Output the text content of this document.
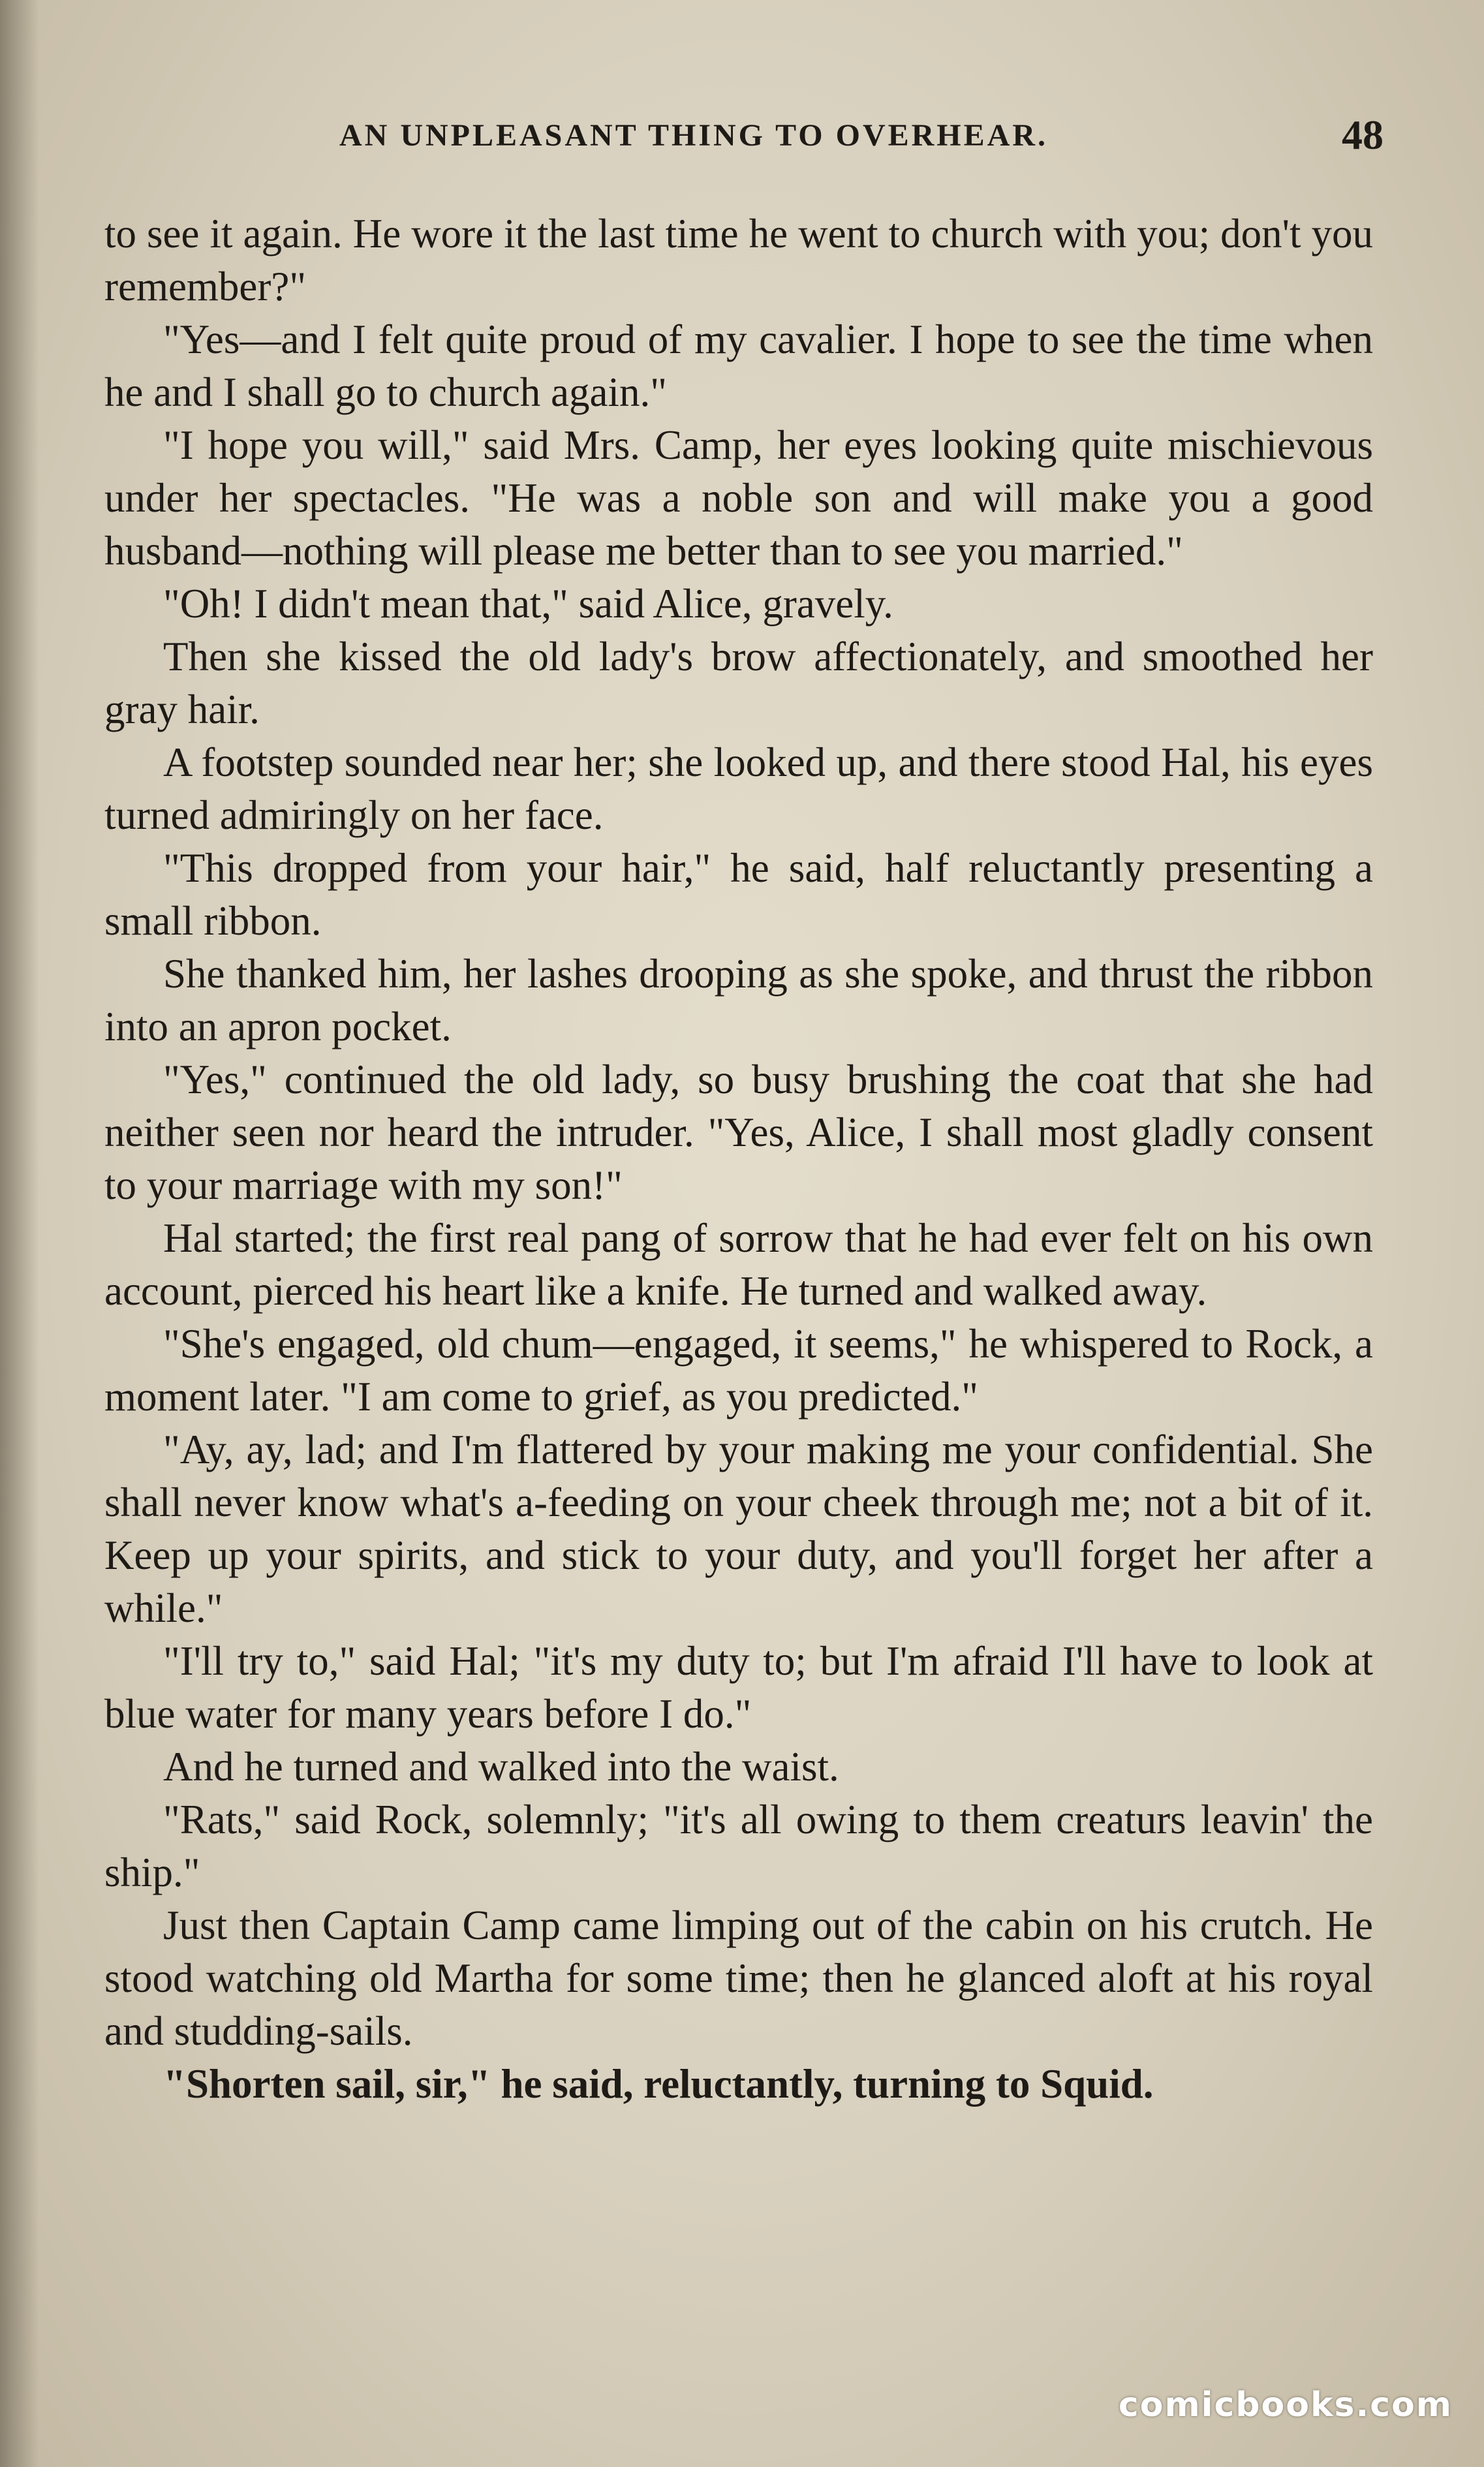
AN UNPLEASANT THING TO OVERHEAR.	48

to see it again. He wore it the last time he went to church with you; don't you remember?"

"Yes—and I felt quite proud of my cavalier. I hope to see the time when he and I shall go to church again."

"I hope you will," said Mrs. Camp, her eyes looking quite mischievous under her spectacles. "He was a noble son and will make you a good husband—nothing will please me better than to see you married."

"Oh! I didn't mean that," said Alice, gravely.

Then she kissed the old lady's brow affectionately, and smoothed her gray hair.

A footstep sounded near her; she looked up, and there stood Hal, his eyes turned admiringly on her face.

"This dropped from your hair," he said, half reluctantly presenting a small ribbon.

She thanked him, her lashes drooping as she spoke, and thrust the ribbon into an apron pocket.

"Yes," continued the old lady, so busy brushing the coat that she had neither seen nor heard the intruder. "Yes, Alice, I shall most gladly consent to your marriage with my son!"

Hal started; the first real pang of sorrow that he had ever felt on his own account, pierced his heart like a knife. He turned and walked away.

"She's engaged, old chum—engaged, it seems," he whispered to Rock, a moment later. "I am come to grief, as you predicted."

"Ay, ay, lad; and I'm flattered by your making me your confidential. She shall never know what's a-feeding on your cheek through me; not a bit of it. Keep up your spirits, and stick to your duty, and you'll forget her after a while."

"I'll try to," said Hal; "it's my duty to; but I'm afraid I'll have to look at blue water for many years before I do."

And he turned and walked into the waist.

"Rats," said Rock, solemnly; "it's all owing to them creaturs leavin' the ship."

Just then Captain Camp came limping out of the cabin on his crutch. He stood watching old Martha for some time; then he glanced aloft at his royal and studding-sails.

"Shorten sail, sir," he said, reluctantly, turning to Squid.

comicbooks.com
